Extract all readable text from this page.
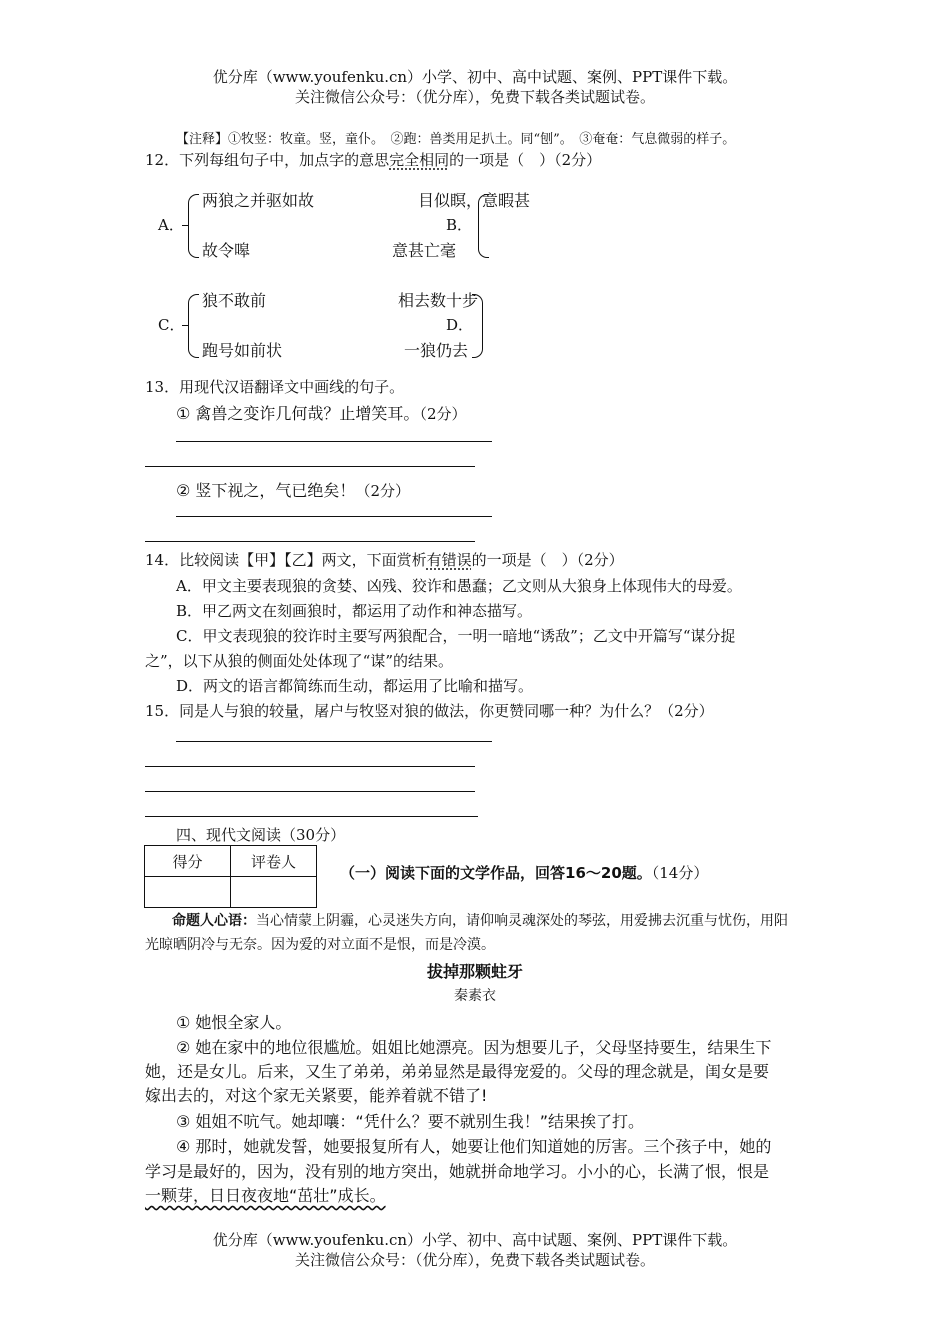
优分库（www.youfenku.cn）小学、初中、高中试题、案例、PPT课件下载。
关注微信公众号：（优分库），免费下载各类试题试卷。
【注释】①牧竖：牧童。竖，童仆。　②跑：兽类用足扒土。同“刨”。　③奄奄：气息微弱的样子。
12．下列每组句子中，加点字的意思完全相同的一项是（　）（2分）
A．
两狼之并驱如故
故令嗥
目似瞑，意暇甚
B．
意甚亡毫
C．
狼不敢前
跑号如前状
相去数十步
D．
一狼仍去
13．用现代汉语翻译文中画线的句子。
① 禽兽之变诈几何哉？止增笑耳。（2分）
② 竖下视之，气已绝矣！（2分）
14．比较阅读【甲】【乙】两文，下面赏析有错误的一项是（　）（2分）
A．甲文主要表现狼的贪婪、凶残、狡诈和愚蠢；乙文则从大狼身上体现伟大的母爱。
B．甲乙两文在刻画狼时，都运用了动作和神态描写。
C．甲文表现狼的狡诈时主要写两狼配合，一明一暗地“诱敌”；乙文中开篇写“谋分捉
之”，以下从狼的侧面处处体现了“谋”的结果。
D．两文的语言都简练而生动，都运用了比喻和描写。
15．同是人与狼的较量，屠户与牧竖对狼的做法，你更赞同哪一种？为什么？（2分）
四、现代文阅读（30分）
得分	评卷人

（一）阅读下面的文学作品，回答16～20题。（14分）
命题人心语：当心情蒙上阴霾，心灵迷失方向，请仰响灵魂深处的琴弦，用爱拂去沉重与忧伤，用阳
光晾晒阴冷与无奈。因为爱的对立面不是恨，而是冷漠。
拔掉那颗蛀牙
秦素衣
① 她恨全家人。
② 她在家中的地位很尴尬。姐姐比她漂亮。因为想要儿子，父母坚持要生，结果生下
她，还是女儿。后来，又生了弟弟，弟弟显然是最得宠爱的。父母的理念就是，闺女是要
嫁出去的，对这个家无关紧要，能养着就不错了!
③ 姐姐不吭气。她却嚷：“凭什么？要不就别生我！”结果挨了打。
④ 那时，她就发誓，她要报复所有人，她要让他们知道她的厉害。三个孩子中，她的
学习是最好的，因为，没有别的地方突出，她就拼命地学习。小小的心，长满了恨，恨是
一颗芽，日日夜夜地“茁壮”成长。
优分库（www.youfenku.cn）小学、初中、高中试题、案例、PPT课件下载。
关注微信公众号：（优分库），免费下载各类试题试卷。
